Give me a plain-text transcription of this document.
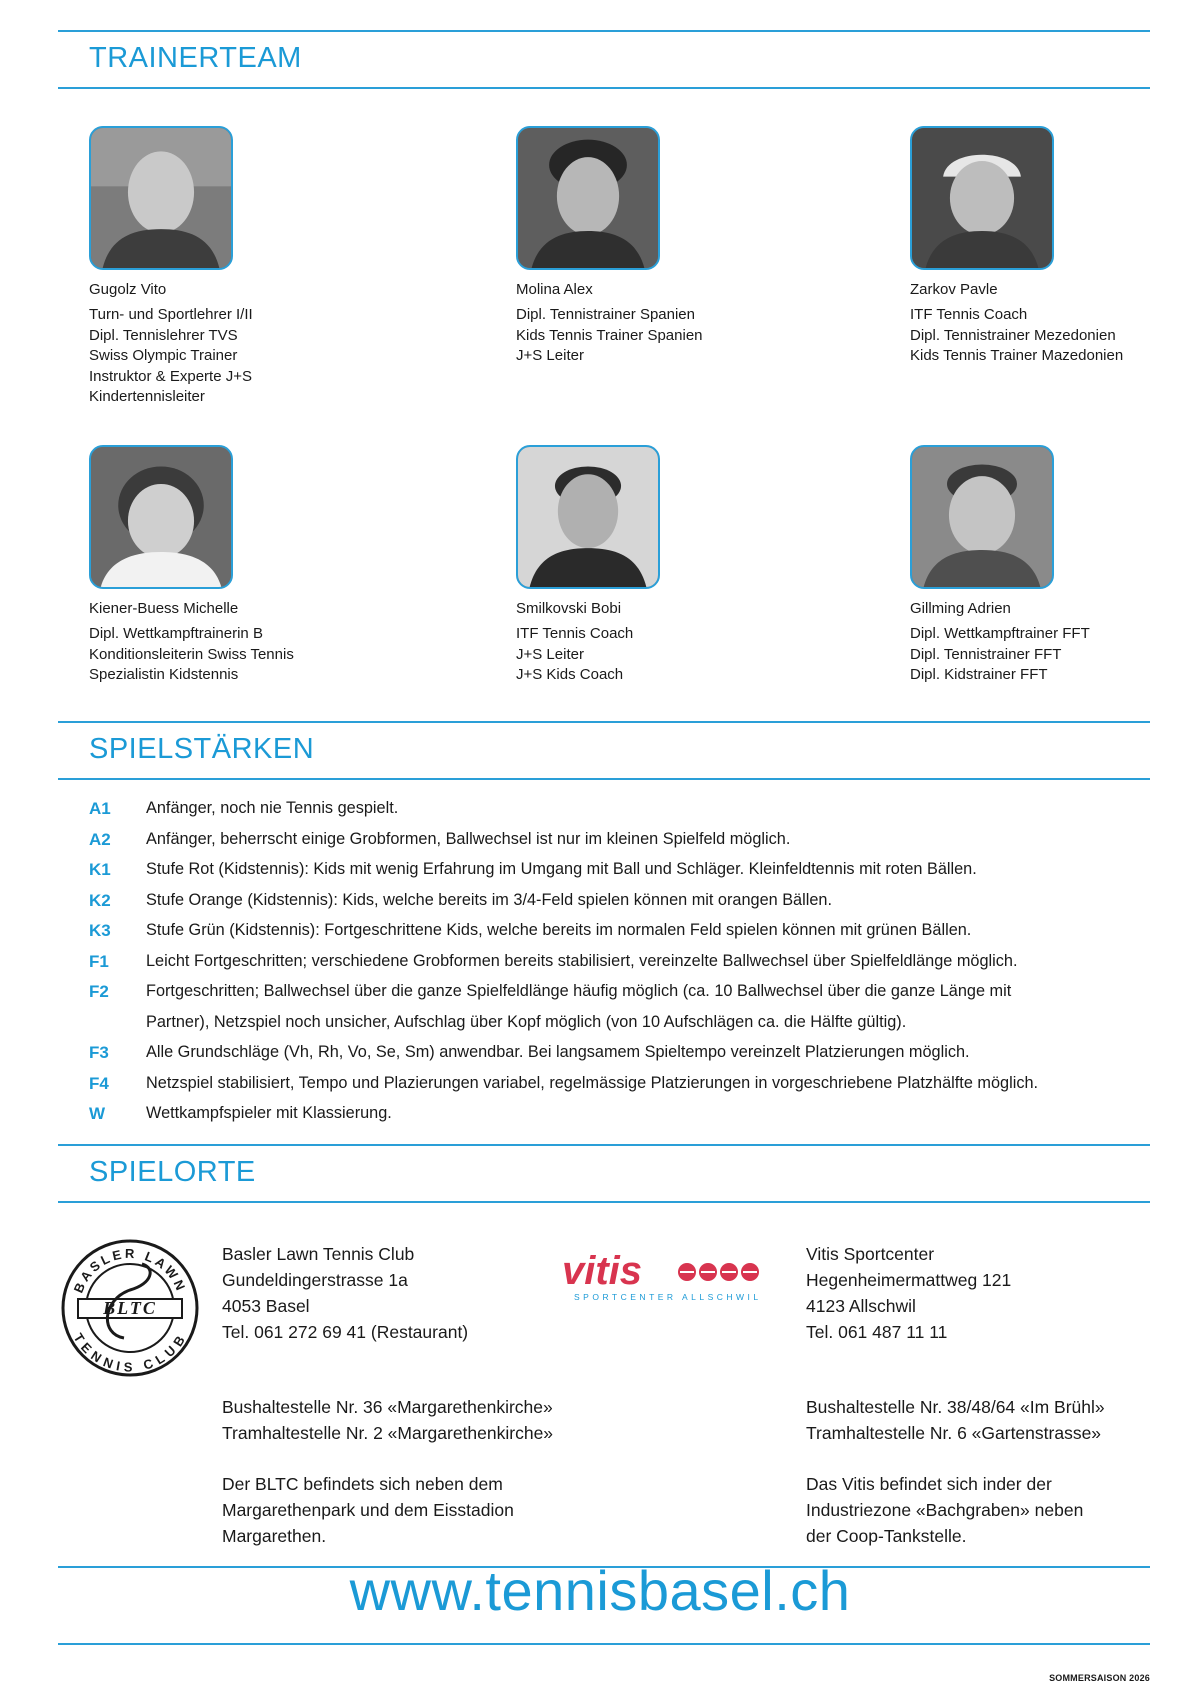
TRAINERTEAM
SPIELSTÄRKEN
SPIELORTE
Gugolz Vito
Turn- und Sportlehrer I/II
Dipl. Tennislehrer TVS
Swiss Olympic Trainer
Instruktor & Experte J+S
Kindertennisleiter
Molina Alex
Dipl. Tennistrainer Spanien
Kids Tennis Trainer Spanien
J+S Leiter
Zarkov Pavle
ITF Tennis Coach
Dipl. Tennistrainer Mezedonien
Kids Tennis Trainer Mazedonien
Kiener-Buess Michelle
Dipl. Wettkampftrainerin B
Konditionsleiterin Swiss Tennis
Spezialistin Kidstennis
Smilkovski Bobi
ITF Tennis Coach
J+S Leiter
J+S Kids Coach
Gillming Adrien
Dipl. Wettkampftrainer FFT
Dipl. Tennistrainer FFT
Dipl. Kidstrainer FFT
A1	Anfänger, noch nie Tennis gespielt.
A2	Anfänger, beherrscht einige Grobformen, Ballwechsel ist nur im kleinen Spielfeld möglich.
K1	Stufe Rot (Kidstennis): Kids mit wenig Erfahrung im Umgang mit Ball und Schläger. Kleinfeldtennis mit roten Bällen.
K2	Stufe Orange (Kidstennis): Kids, welche bereits im 3/4-Feld spielen können mit orangen Bällen.
K3	Stufe Grün (Kidstennis): Fortgeschrittene Kids, welche bereits im normalen Feld spielen können mit grünen Bällen.
F1	Leicht Fortgeschritten; verschiedene Grobformen bereits stabilisiert, vereinzelte Ballwechsel über Spielfeldlänge möglich.
F2	Fortgeschritten; Ballwechsel über die ganze Spielfeldlänge häufig möglich (ca. 10 Ballwechsel über die ganze Länge mit
Partner), Netzspiel noch unsicher, Aufschlag über Kopf möglich (von 10 Aufschlägen ca. die Hälfte gültig).
F3	Alle Grundschläge (Vh, Rh, Vo, Se, Sm) anwendbar. Bei langsamem Spieltempo vereinzelt Platzierungen möglich.
F4	Netzspiel stabilisiert, Tempo und Plazierungen variabel, regelmässige Platzierungen in vorgeschriebene Platzhälfte möglich.
W	Wettkampfspieler mit Klassierung.
BASLER LAWN
TENNIS CLUB
BLTC
vitis
SPORTCENTER ALLSCHWIL
Basler Lawn Tennis Club
Gundeldingerstrasse 1a
4053 Basel
Tel. 061 272 69 41 (Restaurant)
Bushaltestelle Nr. 36 «Margarethenkirche»
Tramhaltestelle Nr. 2 «Margarethenkirche»
Der BLTC befindets sich neben dem
Margarethenpark und dem Eisstadion
Margarethen.
Vitis Sportcenter
Hegenheimermattweg 121
4123 Allschwil
Tel. 061 487 11 11
Bushaltestelle Nr. 38/48/64 «Im Brühl»
Tramhaltestelle Nr. 6 «Gartenstrasse»
Das Vitis befindet sich inder der
Industriezone «Bachgraben» neben
der Coop-Tankstelle.
www.tennisbasel.ch
SOMMERSAISON 2026
